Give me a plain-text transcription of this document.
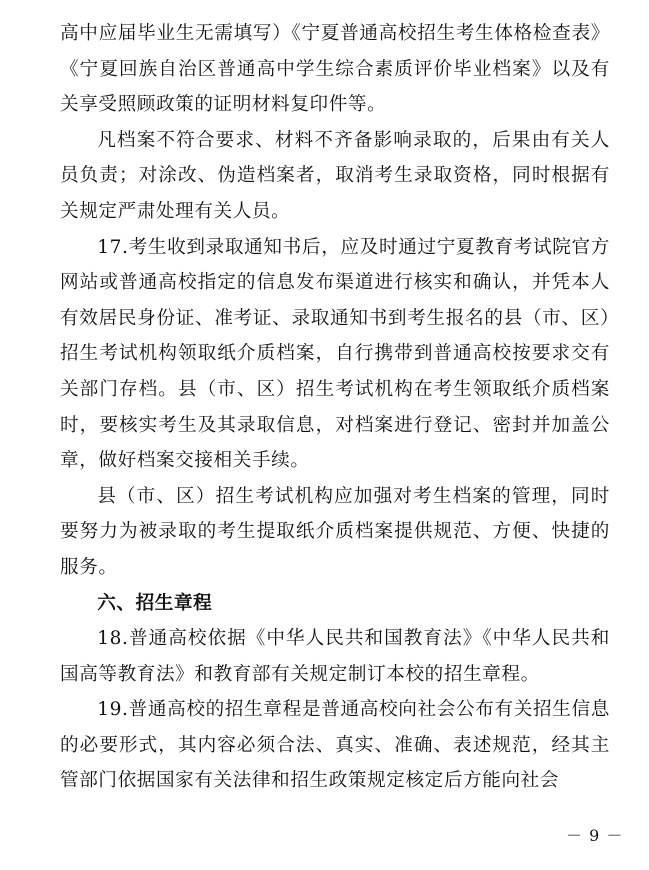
高中应届毕业生无需填写）《宁夏普通高校招生考生体格检查表》《宁夏回族自治区普通高中学生综合素质评价毕业档案》以及有关享受照顾政策的证明材料复印件等。

凡档案不符合要求、材料不齐备影响录取的，后果由有关人员负责；对涂改、伪造档案者，取消考生录取资格，同时根据有关规定严肃处理有关人员。

17.考生收到录取通知书后，应及时通过宁夏教育考试院官方网站或普通高校指定的信息发布渠道进行核实和确认，并凭本人有效居民身份证、准考证、录取通知书到考生报名的县（市、区）招生考试机构领取纸介质档案，自行携带到普通高校按要求交有关部门存档。县（市、区）招生考试机构在考生领取纸介质档案时，要核实考生及其录取信息，对档案进行登记、密封并加盖公章，做好档案交接相关手续。

县（市、区）招生考试机构应加强对考生档案的管理，同时要努力为被录取的考生提取纸介质档案提供规范、方便、快捷的服务。

六、招生章程

18.普通高校依据《中华人民共和国教育法》《中华人民共和国高等教育法》和教育部有关规定制订本校的招生章程。

19.普通高校的招生章程是普通高校向社会公布有关招生信息的必要形式，其内容必须合法、真实、准确、表述规范，经其主管部门依据国家有关法律和招生政策规定核定后方能向社会

－ 9 －
